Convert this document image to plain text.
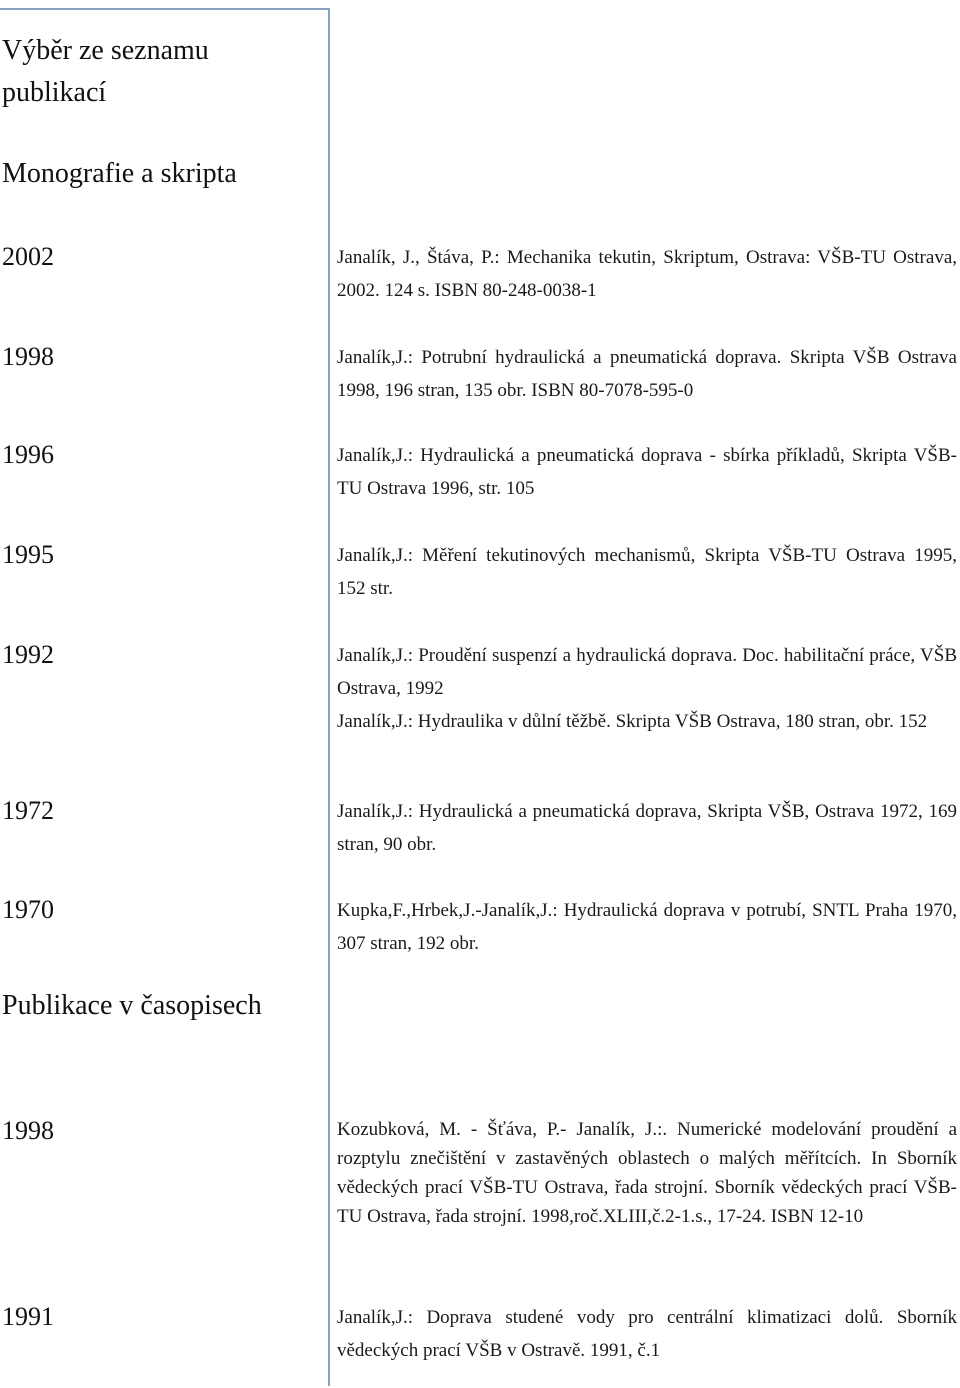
Výběr ze seznamu
publikací
Monografie a skripta
2002	Janalík, J., Štáva, P.: Mechanika tekutin, Skriptum, Ostrava: VŠB-TU Ostrava, 2002. 124 s. ISBN 80-248-0038-1

1998	Janalík,J.: Potrubní hydraulická a pneumatická doprava. Skripta VŠB Ostrava 1998, 196 stran, 135 obr. ISBN 80-7078-595-0

1996	Janalík,J.: Hydraulická a pneumatická doprava - sbírka příkladů, Skripta VŠB-TU Ostrava 1996, str. 105

1995	Janalík,J.: Měření tekutinových mechanismů, Skripta VŠB-TU Ostrava 1995, 152 str.

1992	Janalík,J.: Proudění suspenzí a hydraulická doprava. Doc. habilitační práce, VŠB Ostrava, 1992

Janalík,J.: Hydraulika v důlní těžbě. Skripta VŠB Ostrava, 180 stran, obr. 152

1972	Janalík,J.: Hydraulická a pneumatická doprava, Skripta VŠB, Ostrava 1972, 169 stran, 90 obr.

1970	Kupka,F.,Hrbek,J.-Janalík,J.: Hydraulická doprava v potrubí, SNTL Praha 1970, 307 stran, 192 obr.

Publikace v časopisech
1998	Kozubková, M. - Šťáva, P.- Janalík, J.:. Numerické modelování proudění a rozptylu znečištění v zastavěných oblastech o malých měřítcích. In Sborník vědeckých prací VŠB-TU Ostrava, řada strojní. Sborník vědeckých prací VŠB-TU Ostrava, řada strojní. 1998,roč.XLIII,č.2-1.s., 17-24. ISBN 12-10

1991	Janalík,J.: Doprava studené vody pro centrální klimatizaci dolů. Sborník vědeckých prací VŠB v Ostravě. 1991, č.1
